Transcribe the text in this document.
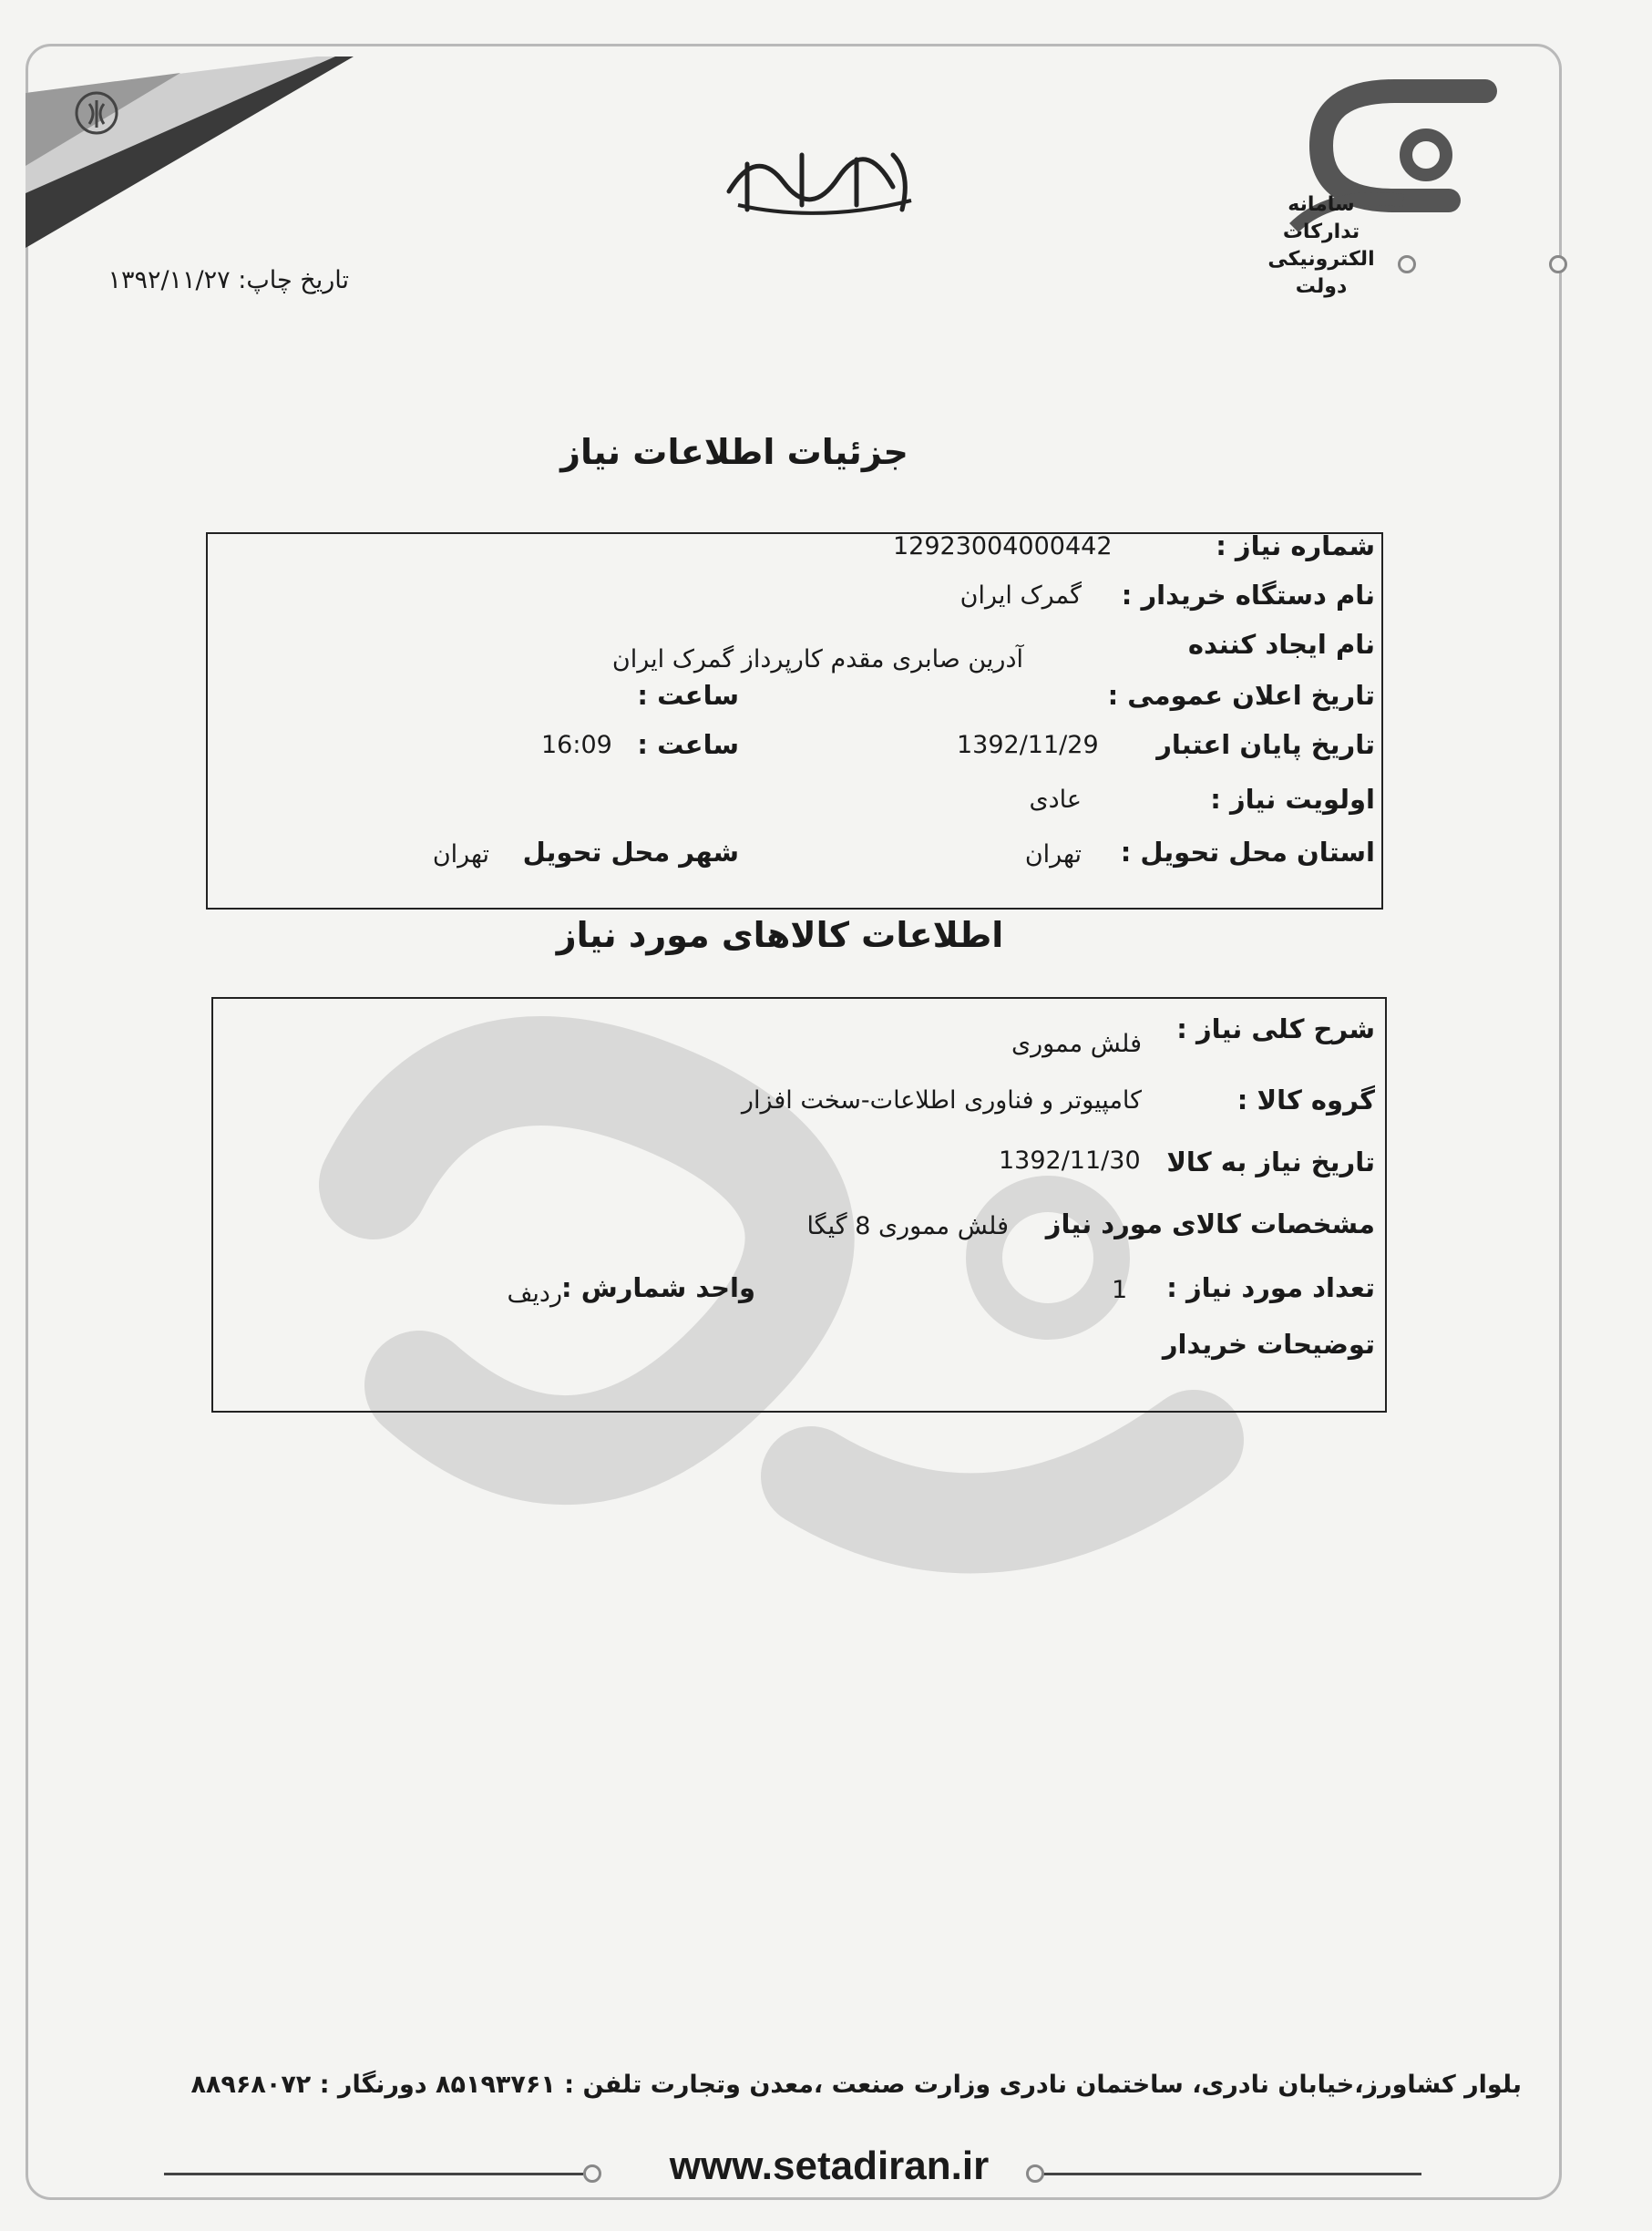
سامانه تدارکات الکترونیکی دولت
تاریخ چاپ: ۱۳۹۲/۱۱/۲۷
جزئیات اطلاعات نیاز
شماره نیاز :
12923004000442
نام دستگاه خریدار :
گمرک ایران
نام ایجاد کننده
آدرین صابری مقدم کارپرداز گمرک ایران
تاریخ اعلان عمومی :
ساعت :
تاریخ پایان اعتبار
1392/11/29
ساعت :
16:09
اولویت نیاز :
عادی
استان محل تحویل :
تهران
شهر محل تحویل
تهران
اطلاعات کالاهای مورد نیاز
شرح کلی نیاز :
فلش مموری
گروه کالا :
کامپیوتر و فناوری اطلاعات-سخت افزار
تاریخ نیاز به کالا
1392/11/30
مشخصات کالای مورد نیاز
فلش مموری 8 گیگا
تعداد مورد نیاز :
1
واحد شمارش :
ردیف
توضیحات خریدار
بلوار کشاورز،خیابان نادری، ساختمان نادری وزارت صنعت ،معدن وتجارت تلفن : ۸۵۱۹۳۷۶۱ دورنگار : ۸۸۹۶۸۰۷۲
www.setadiran.ir
